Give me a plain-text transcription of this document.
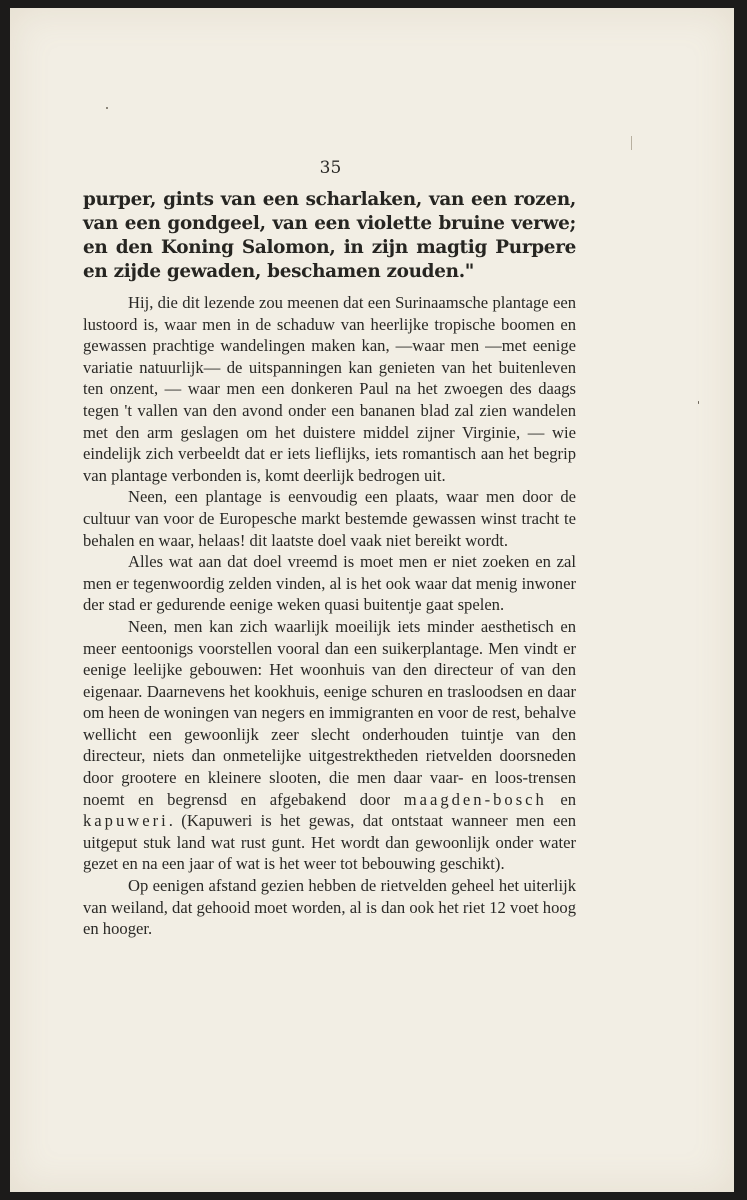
35

purper, gints van een scharlaken, van een rozen, van een gondgeel, van een violette bruine verwe; en den Koning Salomon, in zijn magtig Purpere en zijde gewaden, beschamen zouden."

Hij, die dit lezende zou meenen dat een Surinaamsche plantage een lustoord is, waar men in de schaduw van heerlijke tropische boomen en gewassen prachtige wandelingen maken kan, —waar men —met eenige variatie natuurlijk— de uitspanningen kan genieten van het buitenleven ten onzent, — waar men een donkeren Paul na het zwoegen des daags tegen 't vallen van den avond onder een bananen blad zal zien wandelen met den arm geslagen om het duistere middel zijner Virginie, — wie eindelijk zich verbeeldt dat er iets lieflijks, iets romantisch aan het begrip van plantage verbonden is, komt deerlijk bedrogen uit.

Neen, een plantage is eenvoudig een plaats, waar men door de cultuur van voor de Europesche markt bestemde gewassen winst tracht te behalen en waar, helaas! dit laatste doel vaak niet bereikt wordt.

Alles wat aan dat doel vreemd is moet men er niet zoeken en zal men er tegenwoordig zelden vinden, al is het ook waar dat menig inwoner der stad er gedurende eenige weken quasi buitentje gaat spelen.

Neen, men kan zich waarlijk moeilijk iets minder aesthetisch en meer eentoonigs voorstellen vooral dan een suikerplantage. Men vindt er eenige leelijke gebouwen: Het woonhuis van den directeur of van den eigenaar. Daarnevens het kookhuis, eenige schuren en trasloodsen en daar om heen de woningen van negers en immigranten en voor de rest, behalve wellicht een gewoonlijk zeer slecht onderhouden tuintje van den directeur, niets dan onmetelijke uitgestrektheden rietvelden doorsneden door grootere en kleinere slooten, die men daar vaar- en loos-trensen noemt en begrensd en afgebakend door maagden-bosch en kapuweri. (Kapuweri is het gewas, dat ontstaat wanneer men een uitgeput stuk land wat rust gunt. Het wordt dan gewoonlijk onder water gezet en na een jaar of wat is het weer tot bebouwing geschikt).

Op eenigen afstand gezien hebben de rietvelden geheel het uiterlijk van weiland, dat gehooid moet worden, al is dan ook het riet 12 voet hoog en hooger.
